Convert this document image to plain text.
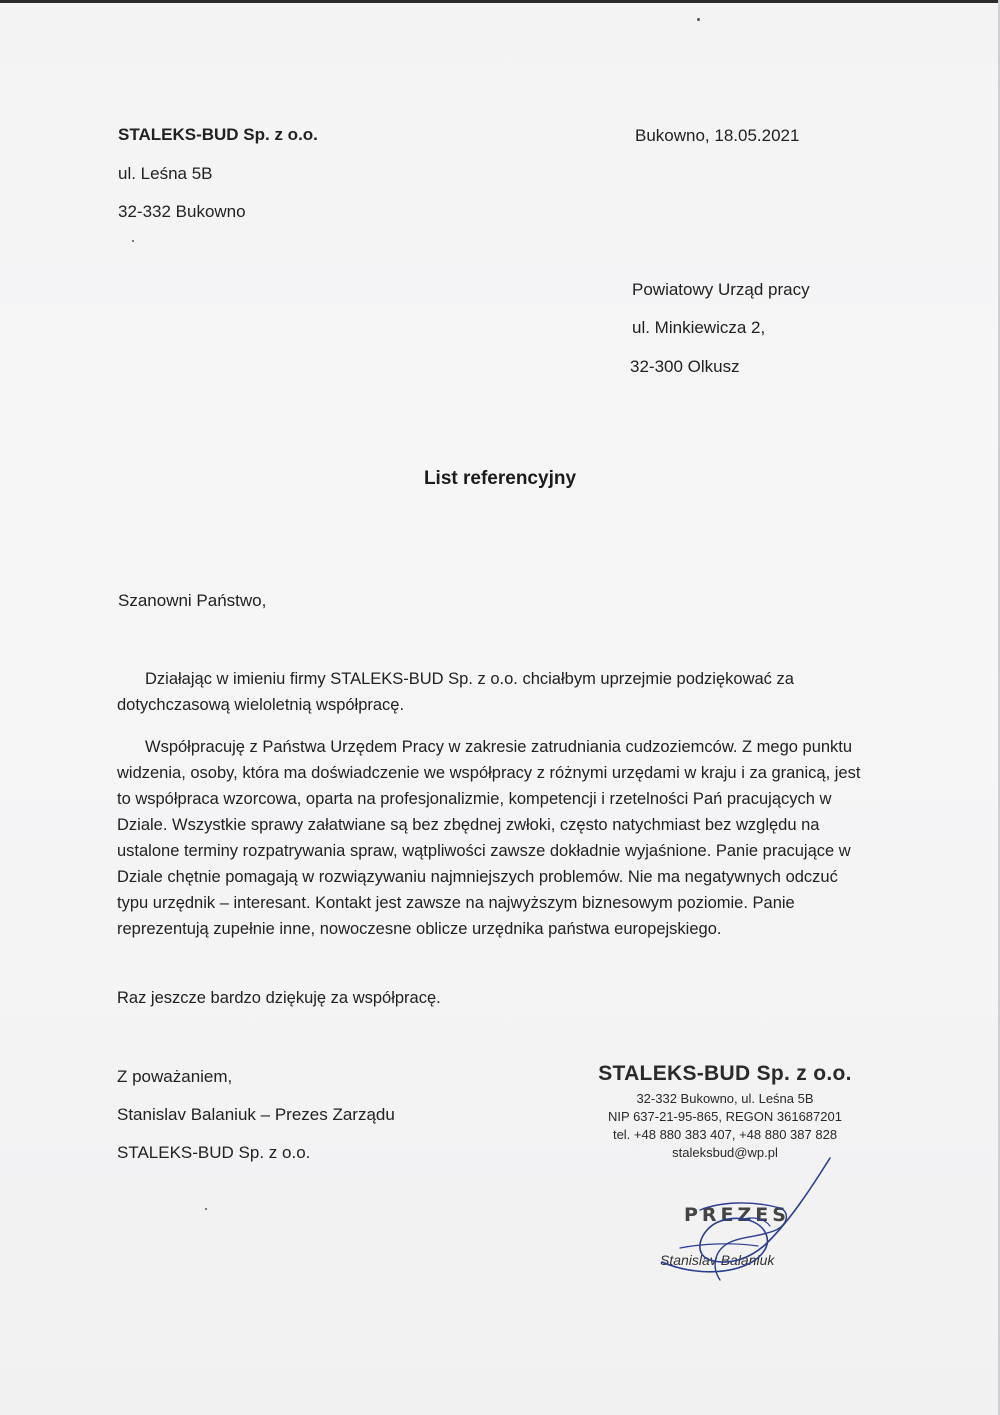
STALEKS-BUD Sp. z o.o.
ul. Leśna 5B
32-332 Bukowno
Bukowno, 18.05.2021
Powiatowy Urząd pracy
ul. Minkiewicza 2,
32-300 Olkusz
List referencyjny
Szanowni Państwo,

Działając w imieniu firmy STALEKS-BUD Sp. z o.o. chciałbym uprzejmie podziękować za dotychczasową wieloletnią współpracę.

Współpracuję z Państwa Urzędem Pracy w zakresie zatrudniania cudzoziemców. Z mego punktu widzenia, osoby, która ma doświadczenie we współpracy z różnymi urzędami w kraju i za granicą, jest to współpraca wzorcowa, oparta na profesjonalizmie, kompetencji i rzetelności Pań pracujących w Dziale. Wszystkie sprawy załatwiane są bez zbędnej zwłoki, często natychmiast bez względu na ustalone terminy rozpatrywania spraw, wątpliwości zawsze dokładnie wyjaśnione. Panie pracujące w Dziale chętnie pomagają w rozwiązywaniu najmniejszych problemów. Nie ma negatywnych odczuć typu urzędnik – interesant. Kontakt jest zawsze na najwyższym biznesowym poziomie. Panie reprezentują zupełnie inne, nowoczesne oblicze urzędnika państwa europejskiego.

Raz jeszcze bardzo dziękuję za współpracę.

Z poważaniem,
Stanislav Balaniuk – Prezes Zarządu
STALEKS-BUD Sp. z o.o.
STALEKS-BUD Sp. z o.o.
32-332 Bukowno, ul. Leśna 5B
NIP 637-21-95-865, REGON 361687201
tel. +48 880 383 407, +48 880 387 828
staleksbud@wp.pl
PREZES
Stanislav Balaniuk
